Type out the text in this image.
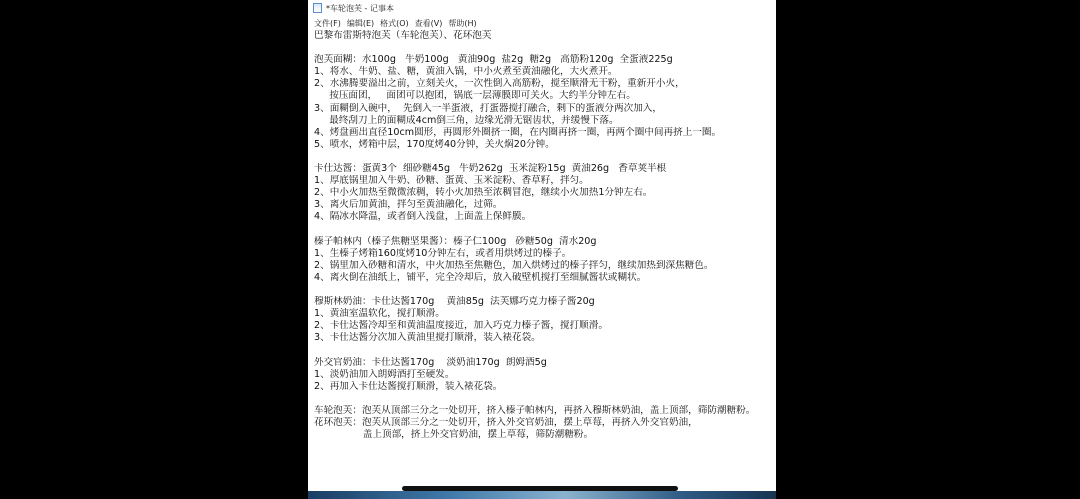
*车轮泡芙 - 记事本
文件(F) 编辑(E) 格式(O) 查看(V) 帮助(H)
巴黎布雷斯特泡芙（车轮泡芙）、花环泡芙

泡芙面糊：水100g   牛奶100g   黄油90g  盐2g  糖2g   高筋粉120g  全蛋液225g
1、将水、牛奶、盐、糖，黄油入锅，中小火煮至黄油融化，大火煮开。
2、水沸腾要溢出之前，立刻关火，一次性倒入高筋粉，搅至顺滑无干粉，重新开小火，
按压面团，   面团可以抱团，锅底一层薄膜即可关火。大约半分钟左右。
3、面糊倒入碗中，  先倒入一半蛋液，打蛋器搅打融合，剩下的蛋液分两次加入，
最终刮刀上的面糊成4cm倒三角，边缘光滑无锯齿状，并缓慢下落。
4、烤盘画出直径10cm圆形，再圆形外圈挤一圈，在内圈再挤一圈，再两个圈中间再挤上一圈。
5、喷水，烤箱中层，170度烤40分钟，关火焖20分钟。

卡仕达酱：蛋黄3个  细砂糖45g   牛奶262g  玉米淀粉15g  黄油26g   香草荚半根
1、厚底锅里加入牛奶、砂糖、蛋黄、玉米淀粉、香草籽，拌匀。
2、中小火加热至微微浓稠，转小火加热至浓稠冒泡，继续小火加热1分钟左右。
3、离火后加黄油，拌匀至黄油融化，过筛。
4、隔冰水降温，或者倒入浅盘，上面盖上保鲜膜。

榛子帕林内（榛子焦糖坚果酱）：榛子仁100g   砂糖50g  清水20g
1、生榛子烤箱160度烤10分钟左右，或者用烘烤过的榛子。
2、锅里加入砂糖和清水，中火加热至焦糖色，加入烘烤过的榛子拌匀，继续加热到深焦糖色。
4、离火倒在油纸上，铺平，完全冷却后，放入破壁机搅打至细腻酱状或糊状。

穆斯林奶油：卡仕达酱170g    黄油85g  法芙娜巧克力榛子酱20g
1、黄油室温软化，搅打顺滑。
2、卡仕达酱冷却至和黄油温度接近，加入巧克力榛子酱，搅打顺滑。
3、卡仕达酱分次加入黄油里搅打顺滑，装入裱花袋。

外交官奶油：卡仕达酱170g    淡奶油170g  朗姆酒5g
1、淡奶油加入朗姆酒打至硬发。
2、再加入卡仕达酱搅打顺滑，装入裱花袋。

车轮泡芙：泡芙从顶部三分之一处切开，挤入榛子帕林内，再挤入穆斯林奶油，盖上顶部，筛防潮糖粉。
花环泡芙：泡芙从顶部三分之一处切开，挤入外交官奶油，摆上草莓，再挤入外交官奶油，
盖上顶部，挤上外交官奶油，摆上草莓，筛防潮糖粉。
